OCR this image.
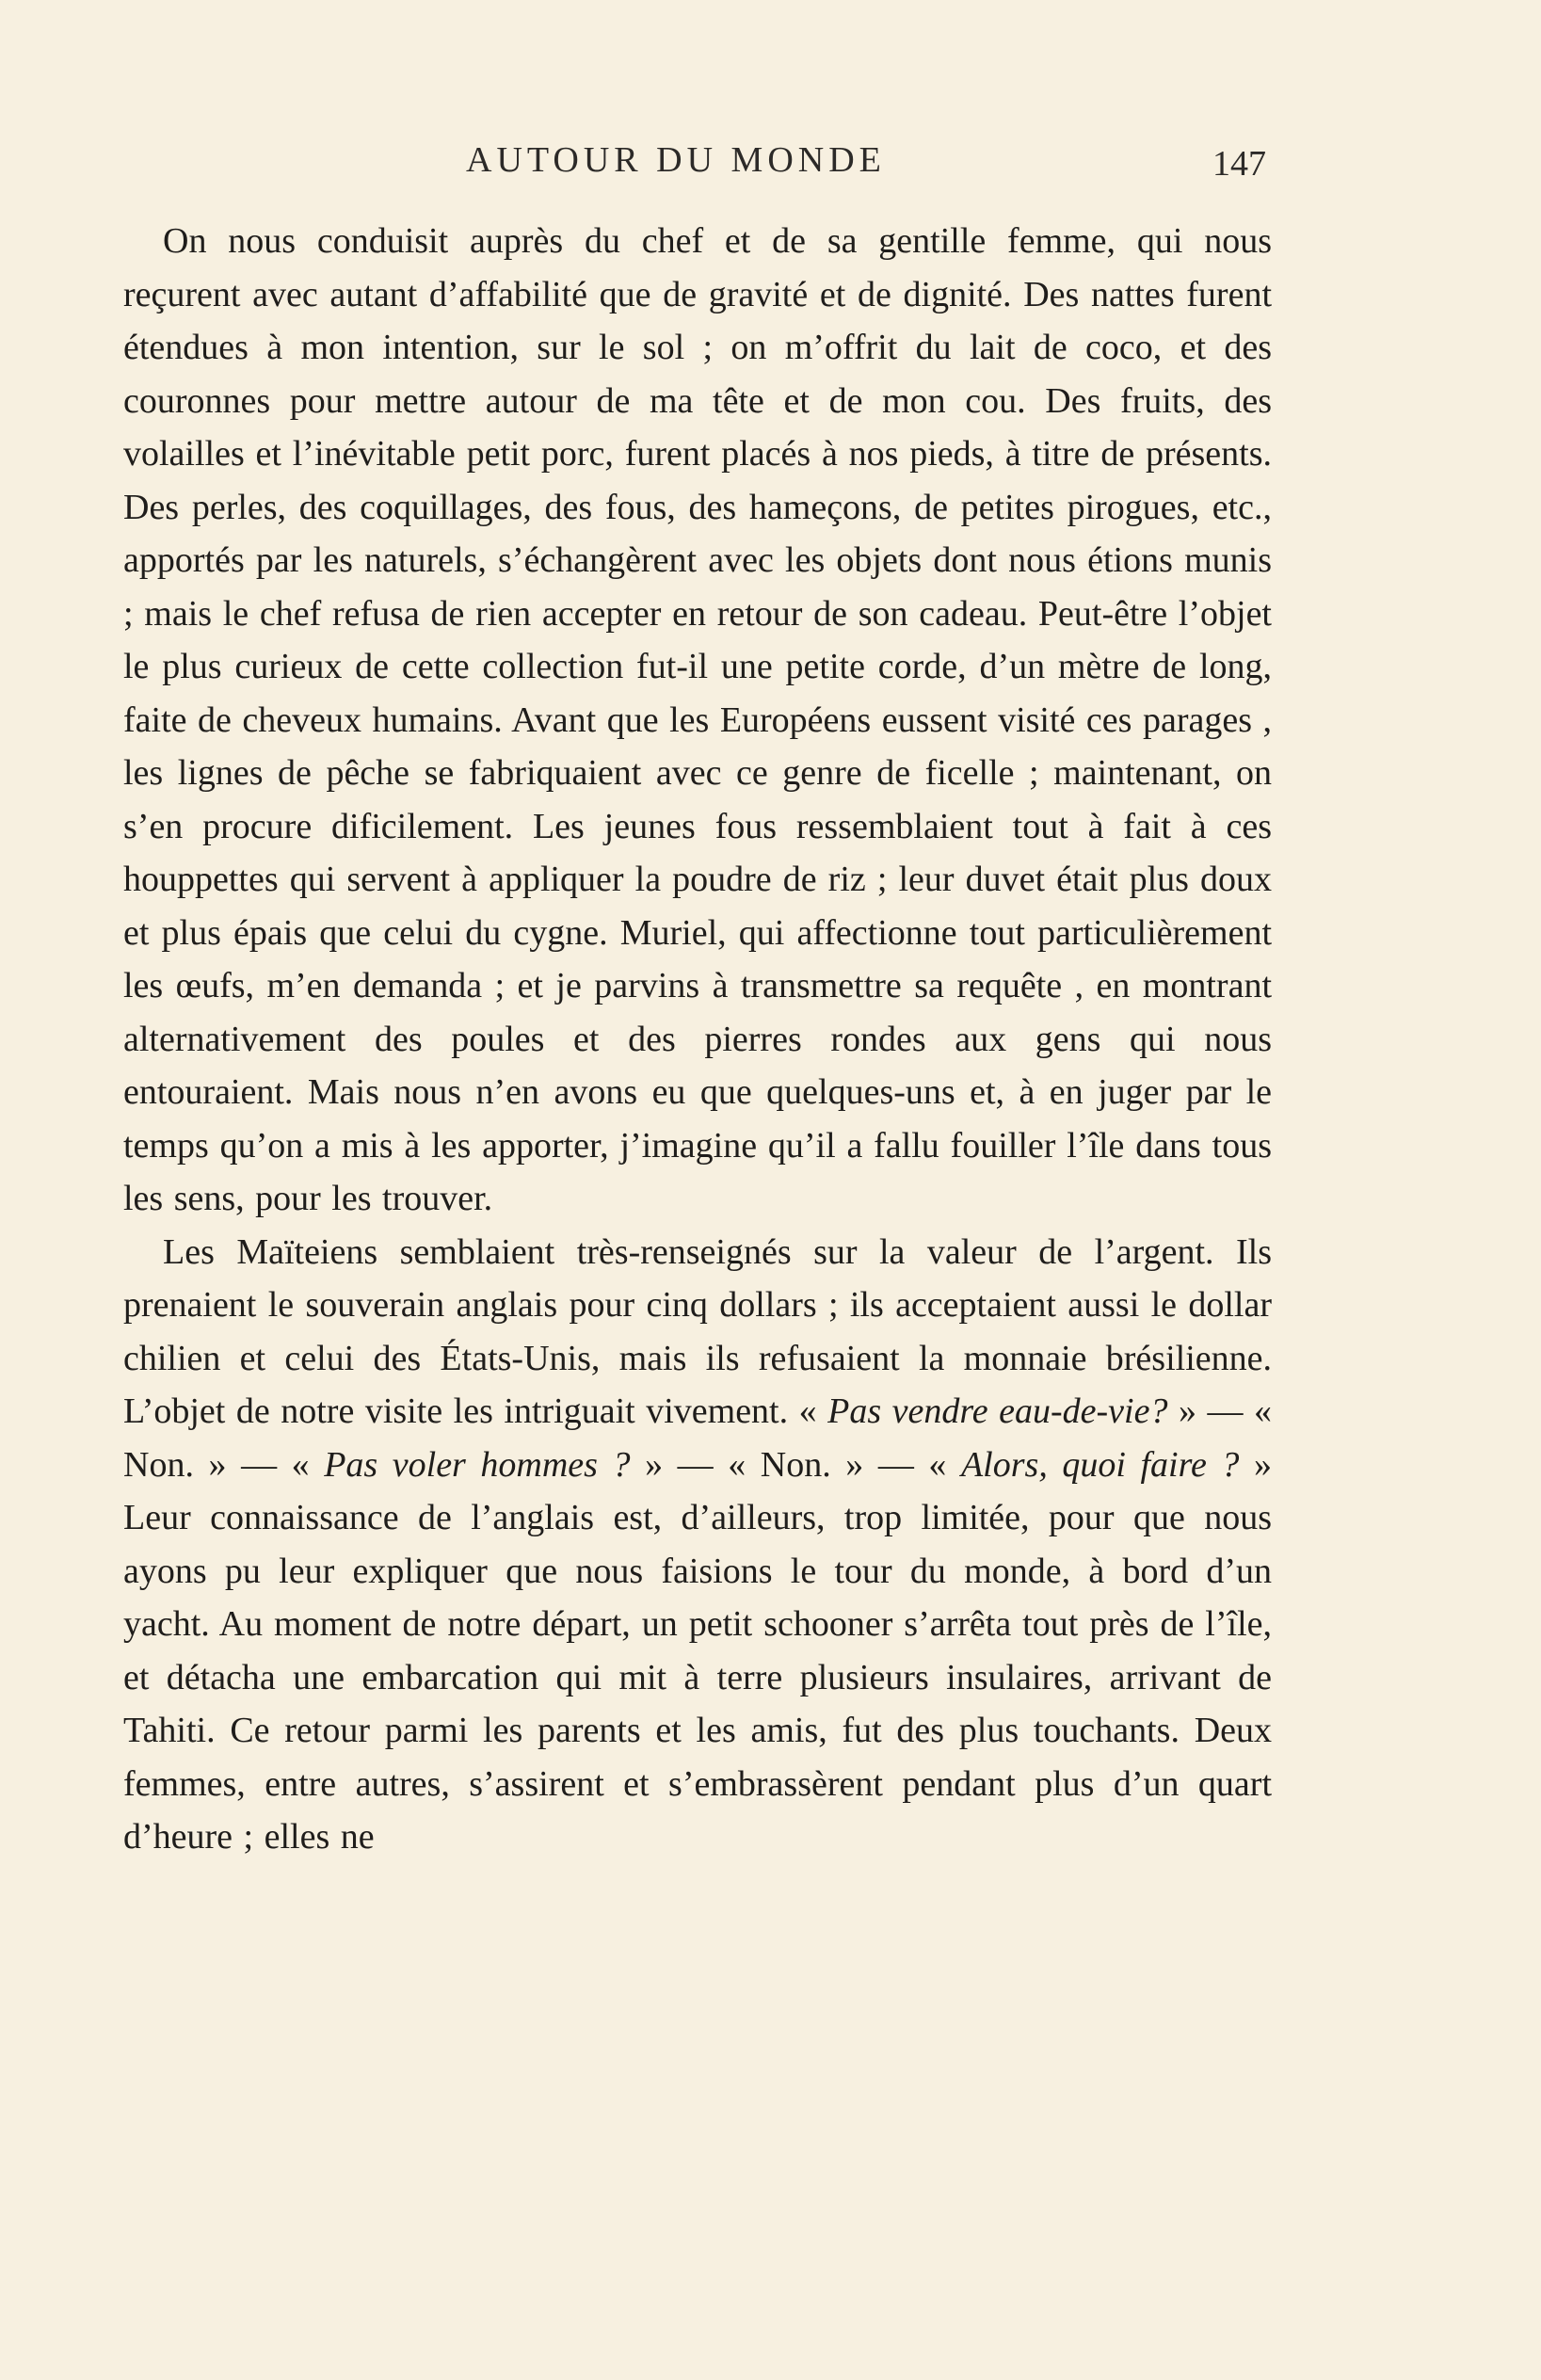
AUTOUR DU MONDE	147

On nous conduisit auprès du chef et de sa gentille femme, qui nous reçurent avec autant d’affabilité que de gravité et de dignité. Des nattes furent étendues à mon intention, sur le sol ; on m’offrit du lait de coco, et des couronnes pour mettre autour de ma tête et de mon cou. Des fruits, des volailles et l’inévitable petit porc, furent placés à nos pieds, à titre de présents. Des perles, des coquillages, des fous, des hameçons, de petites pirogues, etc., apportés par les naturels, s’échangèrent avec les objets dont nous étions munis ; mais le chef refusa de rien accepter en retour de son cadeau. Peut-être l’objet le plus curieux de cette collection fut-il une petite corde, d’un mètre de long, faite de cheveux humains. Avant que les Européens eussent visité ces parages , les lignes de pêche se fabriquaient avec ce genre de ficelle ; maintenant, on s’en procure dificilement. Les jeunes fous ressemblaient tout à fait à ces houppettes qui servent à appliquer la poudre de riz ; leur duvet était plus doux et plus épais que celui du cygne. Muriel, qui affectionne tout particulièrement les œufs, m’en demanda ; et je parvins à transmettre sa requête , en montrant alternativement des poules et des pierres rondes aux gens qui nous entouraient. Mais nous n’en avons eu que quelques-uns et, à en juger par le temps qu’on a mis à les apporter, j’imagine qu’il a fallu fouiller l’île dans tous les sens, pour les trouver.

Les Maïteiens semblaient très-renseignés sur la valeur de l’argent. Ils prenaient le souverain anglais pour cinq dollars ; ils acceptaient aussi le dollar chilien et celui des États-Unis, mais ils refusaient la monnaie brésilienne. L’objet de notre visite les intriguait vivement. « Pas vendre eau-de-vie? » — « Non. » — « Pas voler hommes ? » — « Non. » — « Alors, quoi faire ? » Leur connaissance de l’anglais est, d’ailleurs, trop limitée, pour que nous ayons pu leur expliquer que nous faisions le tour du monde, à bord d’un yacht. Au moment de notre départ, un petit schooner s’arrêta tout près de l’île, et détacha une embarcation qui mit à terre plusieurs insulaires, arrivant de Tahiti. Ce retour parmi les parents et les amis, fut des plus touchants. Deux femmes, entre autres, s’assirent et s’embrassèrent pendant plus d’un quart d’heure ; elles ne
